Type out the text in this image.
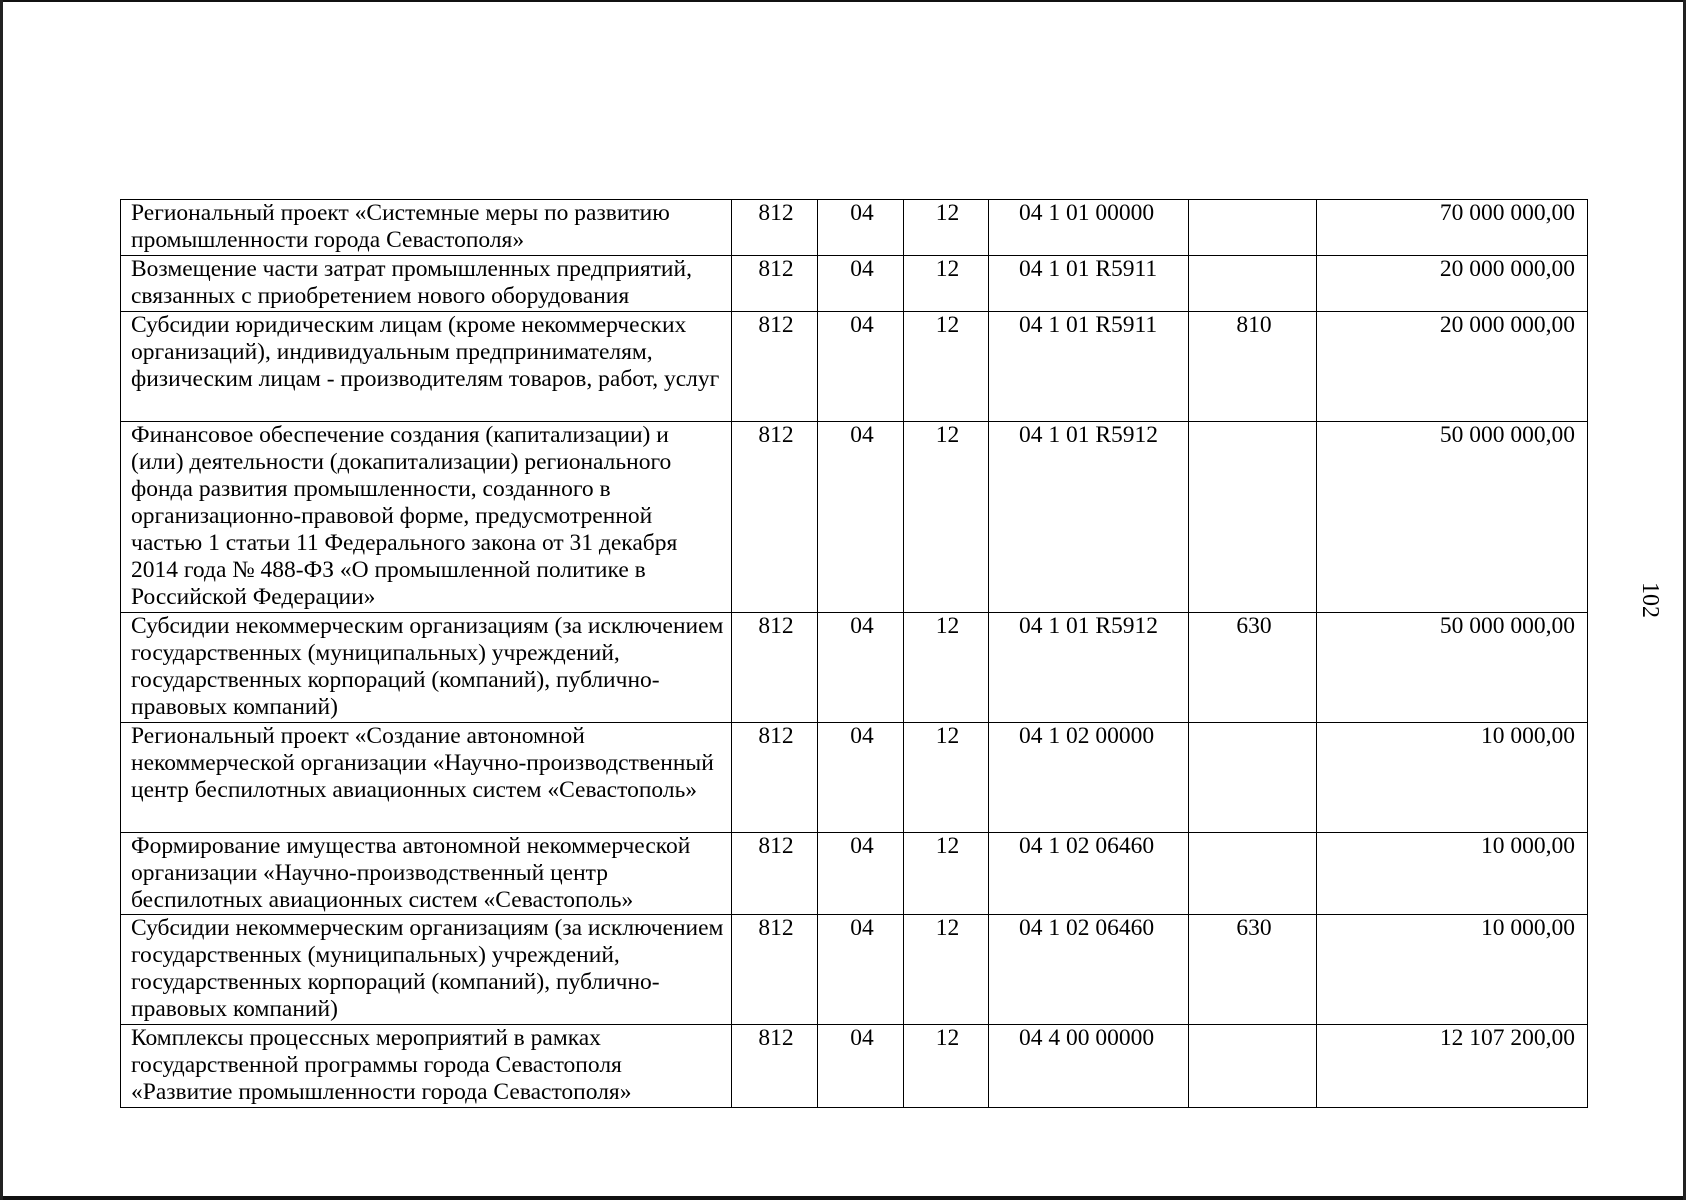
102
Региональный проект «Системные меры по развитию промышленности города Севастополя»	812	04	12	04 1 01 00000		70 000 000,00
Возмещение части затрат промышленных предприятий, связанных с приобретением нового оборудования	812	04	12	04 1 01 R5911		20 000 000,00
Субсидии юридическим лицам (кроме некоммерческих организаций), индивидуальным предпринимателям, физическим лицам - производителям товаров, работ, услуг	812	04	12	04 1 01 R5911	810	20 000 000,00
Финансовое обеспечение создания (капитализации) и (или) деятельности (докапитализации) регионального фонда развития промышленности, созданного в организационно-правовой форме, предусмотренной частью 1 статьи 11 Федерального закона от 31 декабря 2014 года № 488-ФЗ «О промышленной политике в Российской Федерации»	812	04	12	04 1 01 R5912		50 000 000,00
Субсидии некоммерческим организациям (за исключением государственных (муниципальных) учреждений, государственных корпораций (компаний), публично-правовых компаний)	812	04	12	04 1 01 R5912	630	50 000 000,00
Региональный проект «Создание автономной некоммерческой организации «Научно-производственный центр беспилотных авиационных систем «Севастополь»	812	04	12	04 1 02 00000		10 000,00
Формирование имущества автономной некоммерческой организации «Научно-производственный центр беспилотных авиационных систем «Севастополь»	812	04	12	04 1 02 06460		10 000,00
Субсидии некоммерческим организациям (за исключением государственных (муниципальных) учреждений, государственных корпораций (компаний), публично-правовых компаний)	812	04	12	04 1 02 06460	630	10 000,00
Комплексы процессных мероприятий в рамках государственной программы города Севастополя «Развитие промышленности города Севастополя»	812	04	12	04 4 00 00000		12 107 200,00
